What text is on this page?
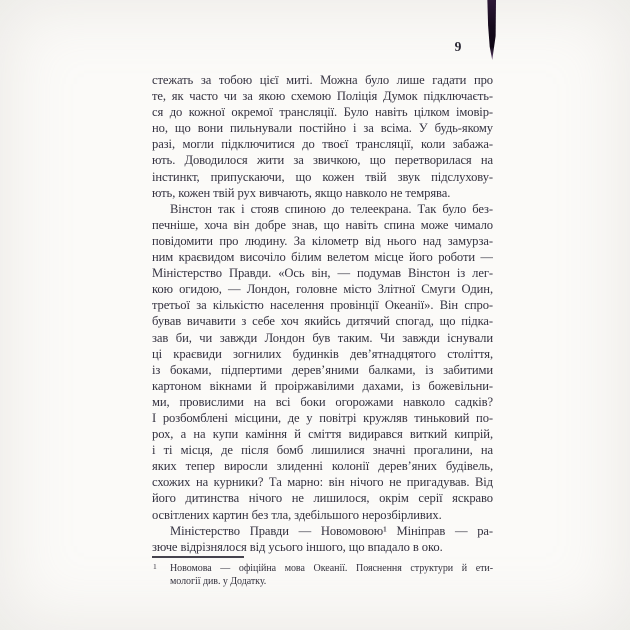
9
стежать за тобою цієї миті. Можна було лише гадати про
те, як часто чи за якою схемою Поліція Думок підключаєть-
ся до кожної окремої трансляції. Було навіть цілком імовір-
но, що вони пильнували постійно і за всіма. У будь-якому
разі, могли підключитися до твоєї трансляції, коли забажа-
ють. Доводилося жити за звичкою, що перетворилася на
інстинкт, припускаючи, що кожен твій звук підслухову-
ють, кожен твій рух вивчають, якщо навколо не темрява.
Вінстон так і стояв спиною до телеекрана. Так було без-
печніше, хоча він добре знав, що навіть спина може чимало
повідомити про людину. За кілометр від нього над замурза-
ним краєвидом височіло білим велетом місце його роботи —
Міністерство Правди. «Ось він, — подумав Вінстон із лег-
кою огидою, — Лондон, головне місто Злітної Смуги Один,
третьої за кількістю населення провінції Океанії». Він спро-
бував вичавити з себе хоч якийсь дитячий спогад, що підка-
зав би, чи завжди Лондон був таким. Чи завжди існували
ці краєвиди зогнилих будинків дев’ятнадцятого століття,
із боками, підпертими дерев’яними балками, із забитими
картоном вікнами й проіржавілими дахами, із божевільни-
ми, провислими на всі боки огорожами навколо садків?
І розбомблені місцини, де у повітрі кружляв тиньковий по-
рох, а на купи каміння й сміття видирався виткий кипрій,
і ті місця, де після бомб лишилися значні прогалини, на
яких тепер виросли злиденні колонії дерев’яних будівель,
схожих на курники? Та марно: він нічого не пригадував. Від
його дитинства нічого не лишилося, окрім серії яскраво
освітлених картин без тла, здебільшого нерозбірливих.
Міністерство Правди — Новомовою¹ Мініправ — ра-
зюче відрізнялося від усього іншого, що впадало в око.
1 Новомова — офіційна мова Океанії. Пояснення структури й ети-
мології див. у Додатку.
